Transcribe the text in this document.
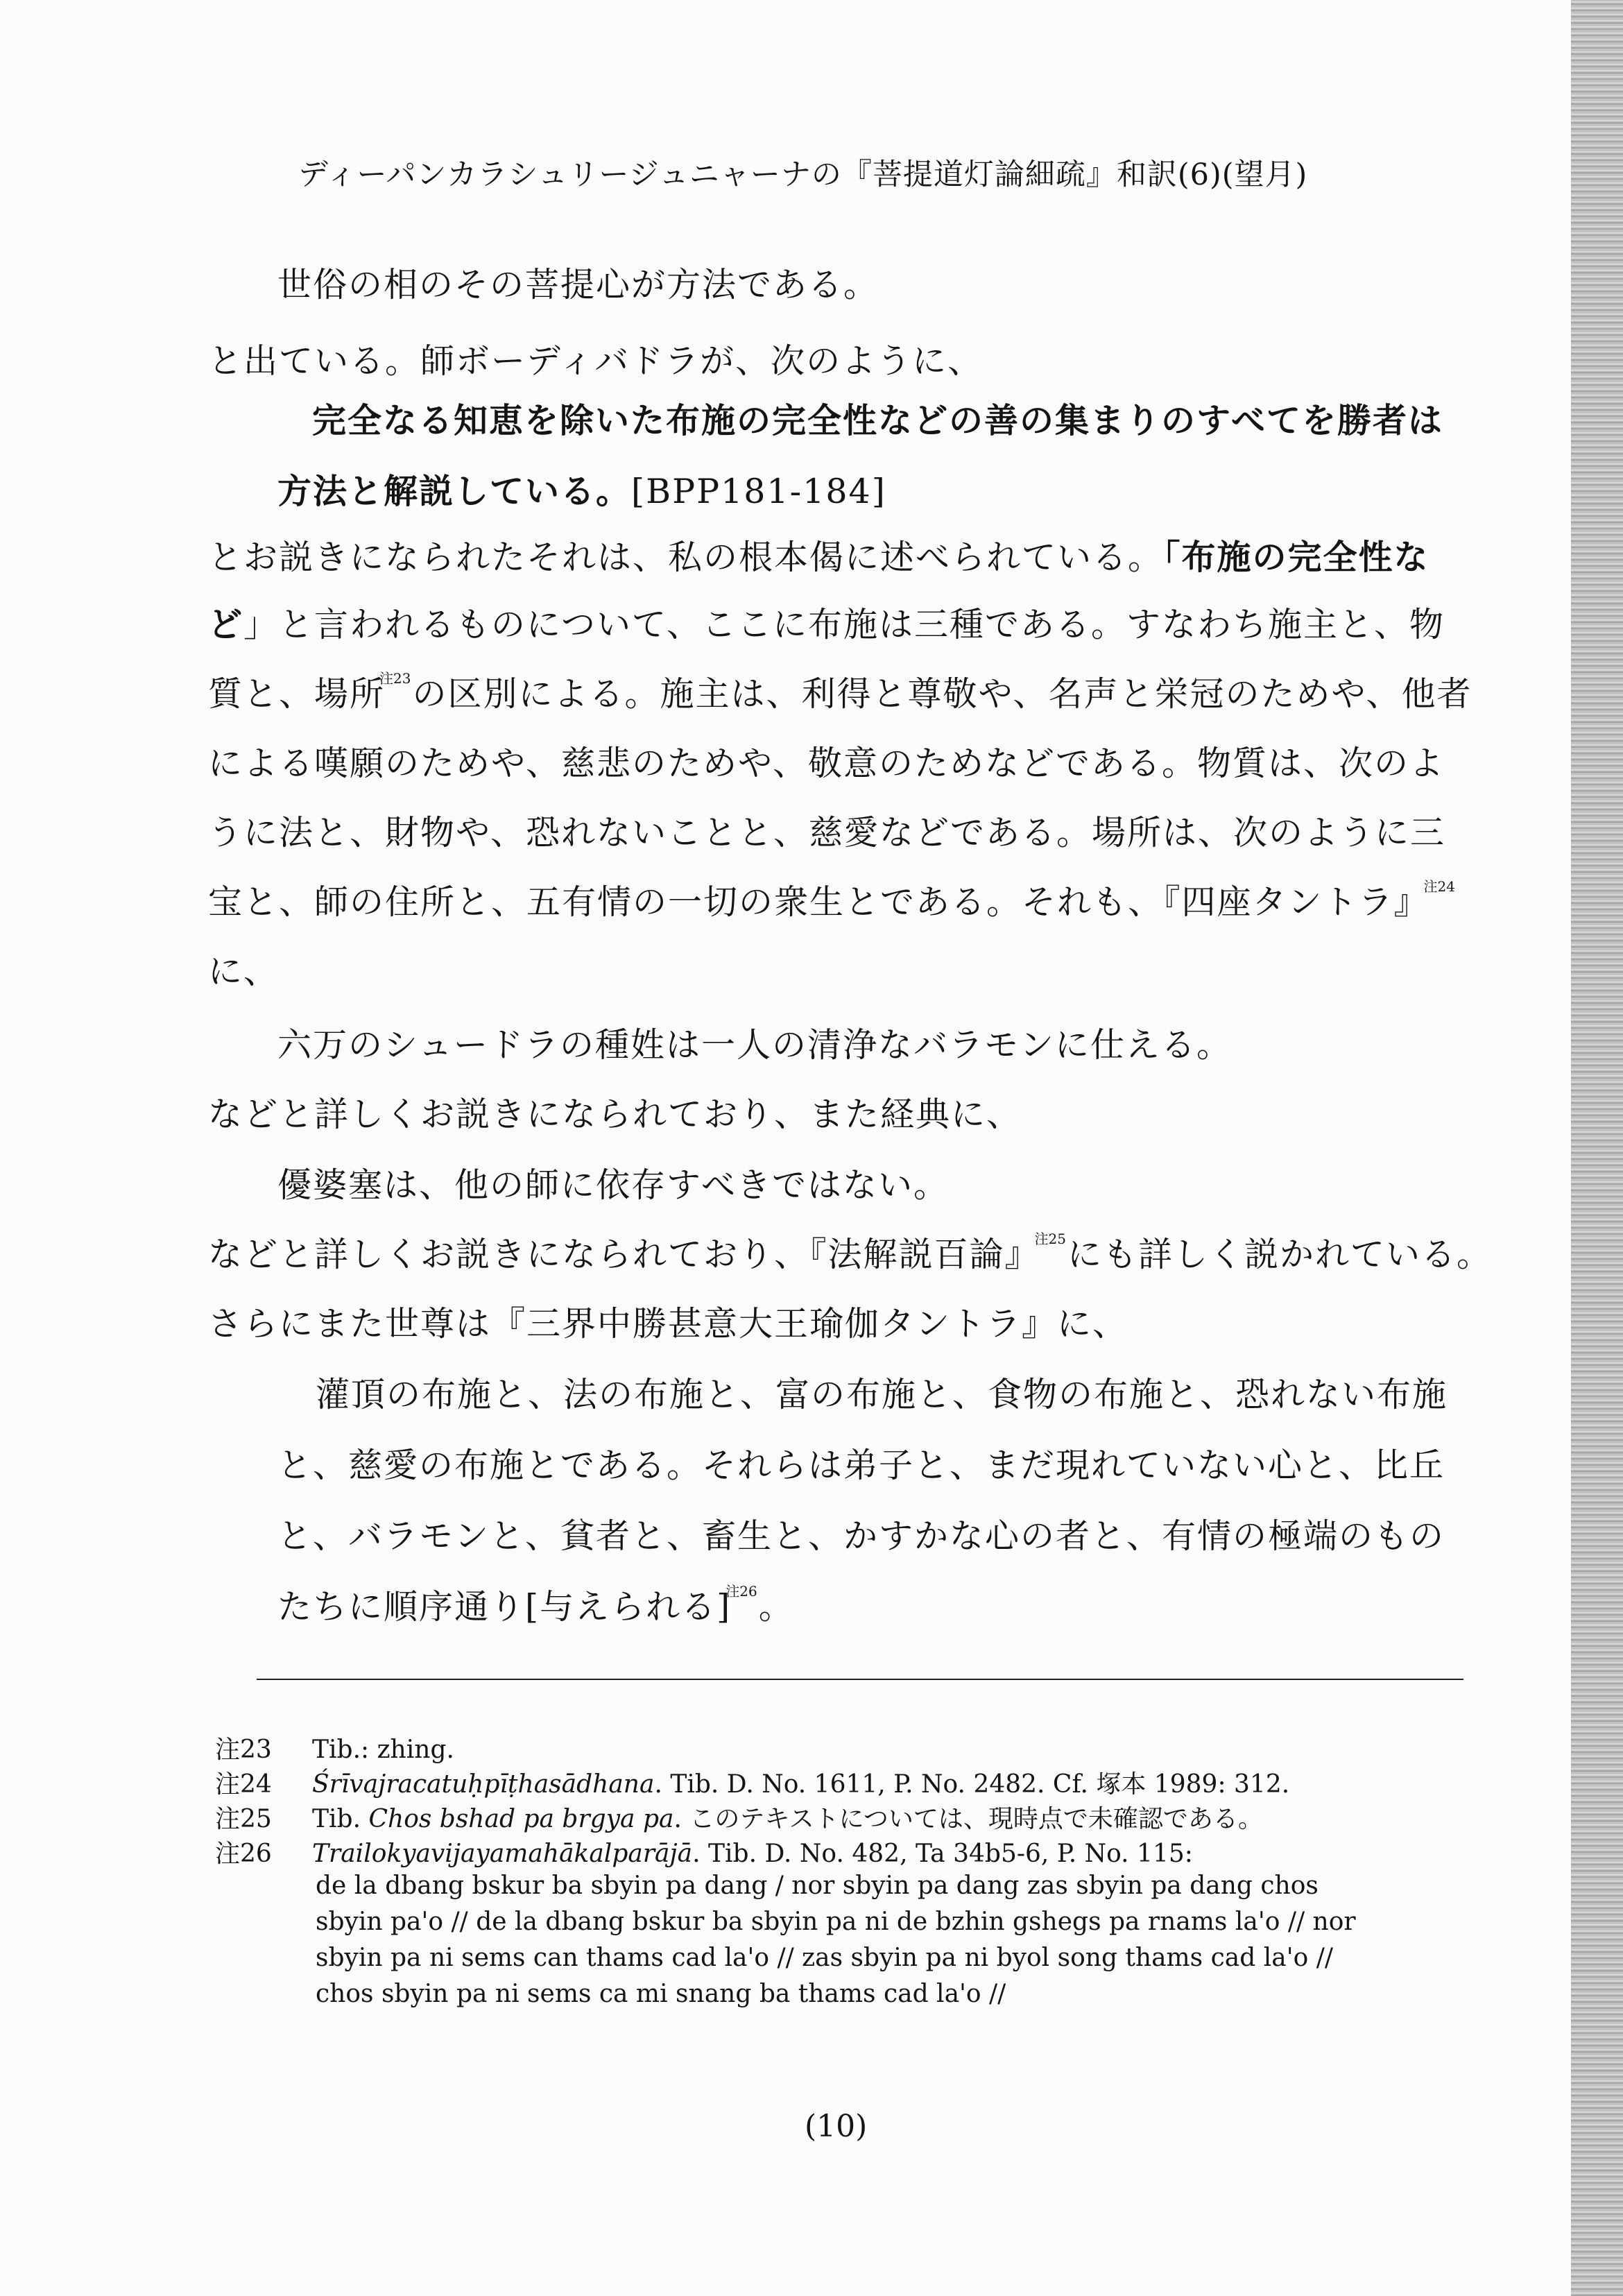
ディーパンカラシュリージュニャーナの『菩提道灯論細疏』和訳(6)(望月)
世俗の相のその菩提心が方法である。
と出ている。師ボーディバドラが、次のように、
完全なる知恵を除いた布施の完全性などの善の集まりのすべてを勝者は
方法と解説している。[BPP181-184]
とお説きになられたそれは、私の根本偈に述べられている。「布施の完全性な
ど」と言われるものについて、ここに布施は三種である。すなわち施主と、物
質と、場所$^{注23}$の区別による。施主は、利得と尊敬や、名声と栄冠のためや、他者
による嘆願のためや、慈悲のためや、敬意のためなどである。物質は、次のよ
うに法と、財物や、恐れないことと、慈愛などである。場所は、次のように三
宝と、師の住所と、五有情の一切の衆生とである。それも、『四座タントラ』$^{注24}$
に、
六万のシュードラの種姓は一人の清浄なバラモンに仕える。
などと詳しくお説きになられており、また経典に、
優婆塞は、他の師に依存すべきではない。
などと詳しくお説きになられており、『法解説百論』$^{注25}$にも詳しく説かれている。
さらにまた世尊は『三界中勝甚意大王瑜伽タントラ』に、
灌頂の布施と、法の布施と、富の布施と、食物の布施と、恐れない布施
と、慈愛の布施とである。それらは弟子と、まだ現れていない心と、比丘
と、バラモンと、貧者と、畜生と、かすかな心の者と、有情の極端のもの
たちに順序通り[与えられる]$^{注26}$。
注23 Tib.: zhing.
注24 Śrīvajracatuḥpīṭhasādhana. Tib. D. No. 1611, P. No. 2482. Cf. 塚本 1989: 312.
注25 Tib. Chos bshad pa brgya pa. このテキストについては、現時点で未確認である。
注26 Trailokyavijayamahākalparājā. Tib. D. No. 482, Ta 34b5-6, P. No. 115:
de la dbang bskur ba sbyin pa dang / nor sbyin pa dang zas sbyin pa dang chos
sbyin pa'o // de la dbang bskur ba sbyin pa ni de bzhin gshegs pa rnams la'o // nor
sbyin pa ni sems can thams cad la'o // zas sbyin pa ni byol song thams cad la'o //
chos sbyin pa ni sems ca mi snang ba thams cad la'o //
(10)
